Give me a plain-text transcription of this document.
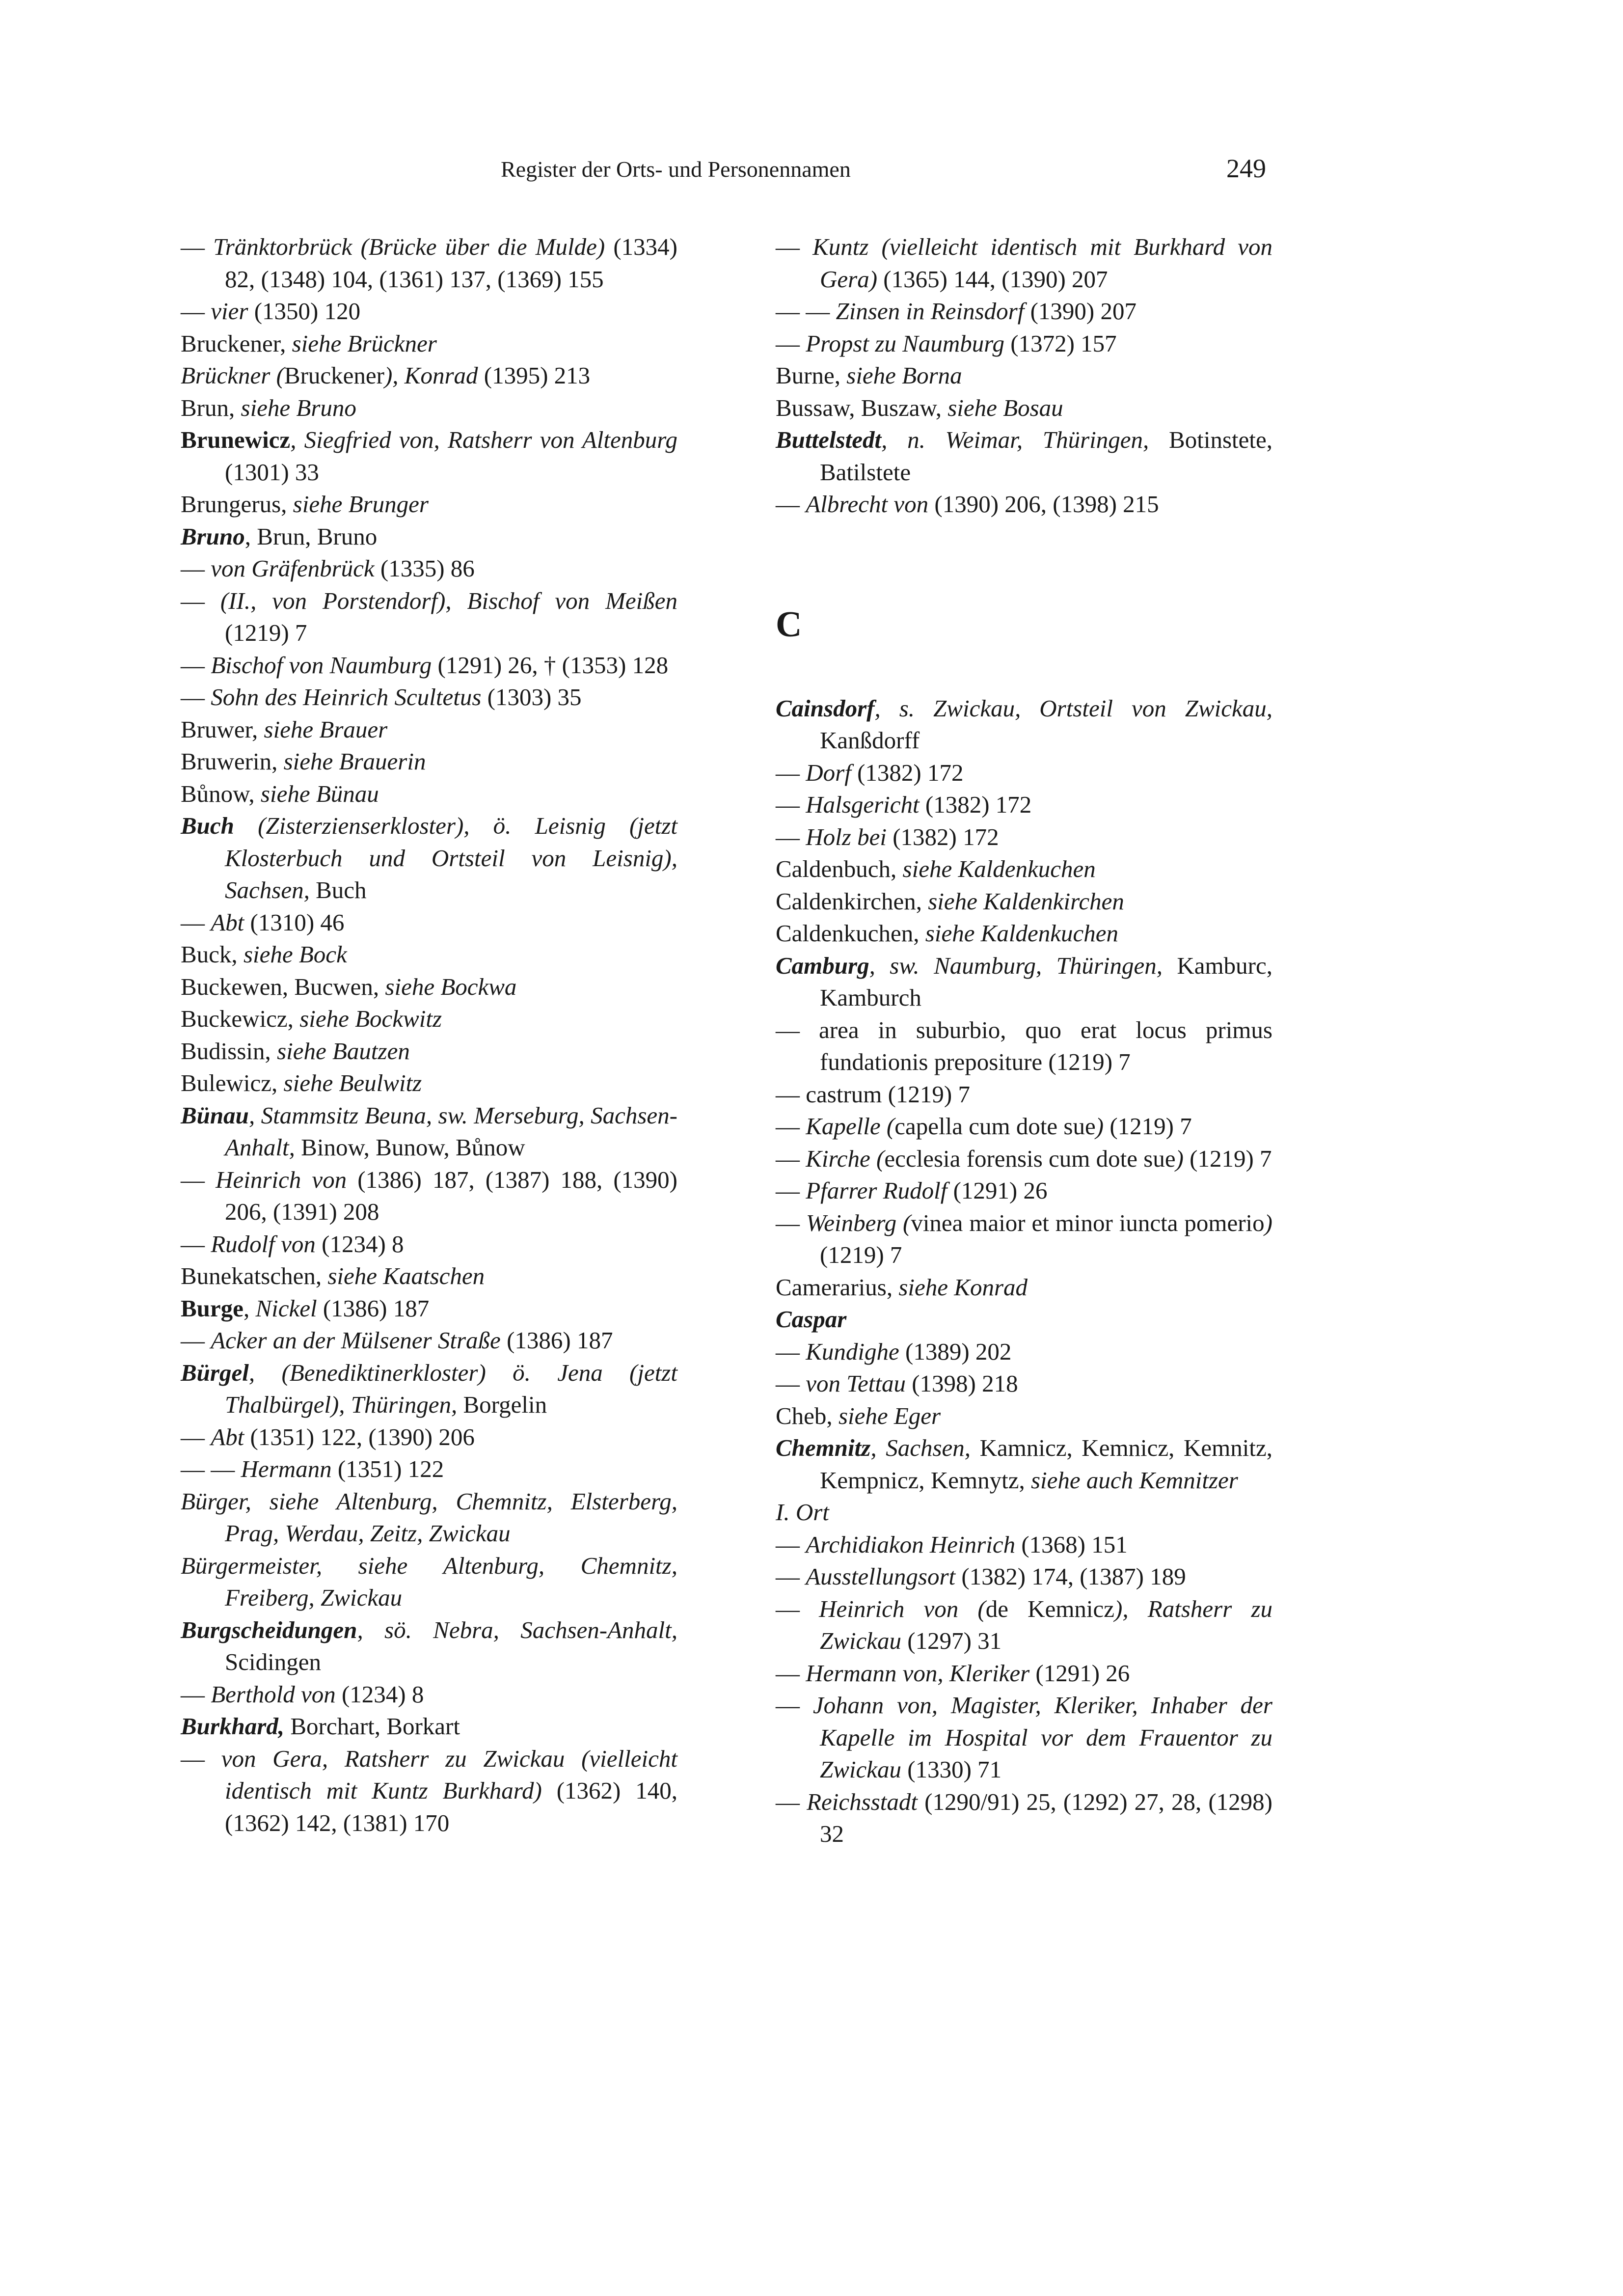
Register der Orts- und Personennamen	249
— Tränktorbrück (Brücke über die Mulde) (1334) 82, (1348) 104, (1361) 137, (1369) 155
— vier (1350) 120
Bruckener, siehe Brückner
Brückner (Bruckener), Konrad (1395) 213
Brun, siehe Bruno
Brunewicz, Siegfried von, Ratsherr von Altenburg (1301) 33
Brungerus, siehe Brunger
Bruno, Brun, Bruno
— von Gräfenbrück (1335) 86
— (II., von Porstendorf), Bischof von Meißen (1219) 7
— Bischof von Naumburg (1291) 26, † (1353) 128
— Sohn des Heinrich Scultetus (1303) 35
Bruwer, siehe Brauer
Bruwerin, siehe Brauerin
Bůnow, siehe Bünau
Buch (Zisterzienserkloster), ö. Leisnig (jetzt Klosterbuch und Ortsteil von Leisnig), Sachsen, Buch
— Abt (1310) 46
Buck, siehe Bock
Buckewen, Bucwen, siehe Bockwa
Buckewicz, siehe Bockwitz
Budissin, siehe Bautzen
Bulewicz, siehe Beulwitz
Bünau, Stammsitz Beuna, sw. Merseburg, Sachsen-Anhalt, Binow, Bunow, Bůnow
— Heinrich von (1386) 187, (1387) 188, (1390) 206, (1391) 208
— Rudolf von (1234) 8
Bunekatschen, siehe Kaatschen
Burge, Nickel (1386) 187
— Acker an der Mülsener Straße (1386) 187
Bürgel, (Benediktinerkloster) ö. Jena (jetzt Thalbürgel), Thüringen, Borgelin
— Abt (1351) 122, (1390) 206
— — Hermann (1351) 122
Bürger, siehe Altenburg, Chemnitz, Elsterberg, Prag, Werdau, Zeitz, Zwickau
Bürgermeister, siehe Altenburg, Chemnitz, Freiberg, Zwickau
Burgscheidungen, sö. Nebra, Sachsen-Anhalt, Scidingen
— Berthold von (1234) 8
Burkhard, Borchart, Borkart
— von Gera, Ratsherr zu Zwickau (vielleicht identisch mit Kuntz Burkhard) (1362) 140, (1362) 142, (1381) 170
— Kuntz (vielleicht identisch mit Burkhard von Gera) (1365) 144, (1390) 207
— — Zinsen in Reinsdorf (1390) 207
— Propst zu Naumburg (1372) 157
Burne, siehe Borna
Bussaw, Buszaw, siehe Bosau
Buttelstedt, n. Weimar, Thüringen, Botinstete, Batilstete
— Albrecht von (1390) 206, (1398) 215
C
Cainsdorf, s. Zwickau, Ortsteil von Zwickau, Kanßdorff
— Dorf (1382) 172
— Halsgericht (1382) 172
— Holz bei (1382) 172
Caldenbuch, siehe Kaldenkuchen
Caldenkirchen, siehe Kaldenkirchen
Caldenkuchen, siehe Kaldenkuchen
Camburg, sw. Naumburg, Thüringen, Kamburc, Kamburch
— area in suburbio, quo erat locus primus fundationis prepositure (1219) 7
— castrum (1219) 7
— Kapelle (capella cum dote sue) (1219) 7
— Kirche (ecclesia forensis cum dote sue) (1219) 7
— Pfarrer Rudolf (1291) 26
— Weinberg (vinea maior et minor iuncta pomerio) (1219) 7
Camerarius, siehe Konrad
Caspar
— Kundighe (1389) 202
— von Tettau (1398) 218
Cheb, siehe Eger
Chemnitz, Sachsen, Kamnicz, Kemnicz, Kemnitz, Kempnicz, Kemnytz, siehe auch Kemnitzer
I. Ort
— Archidiakon Heinrich (1368) 151
— Ausstellungsort (1382) 174, (1387) 189
— Heinrich von (de Kemnicz), Ratsherr zu Zwickau (1297) 31
— Hermann von, Kleriker (1291) 26
— Johann von, Magister, Kleriker, Inhaber der Kapelle im Hospital vor dem Frauentor zu Zwickau (1330) 71
— Reichsstadt (1290/91) 25, (1292) 27, 28, (1298) 32
